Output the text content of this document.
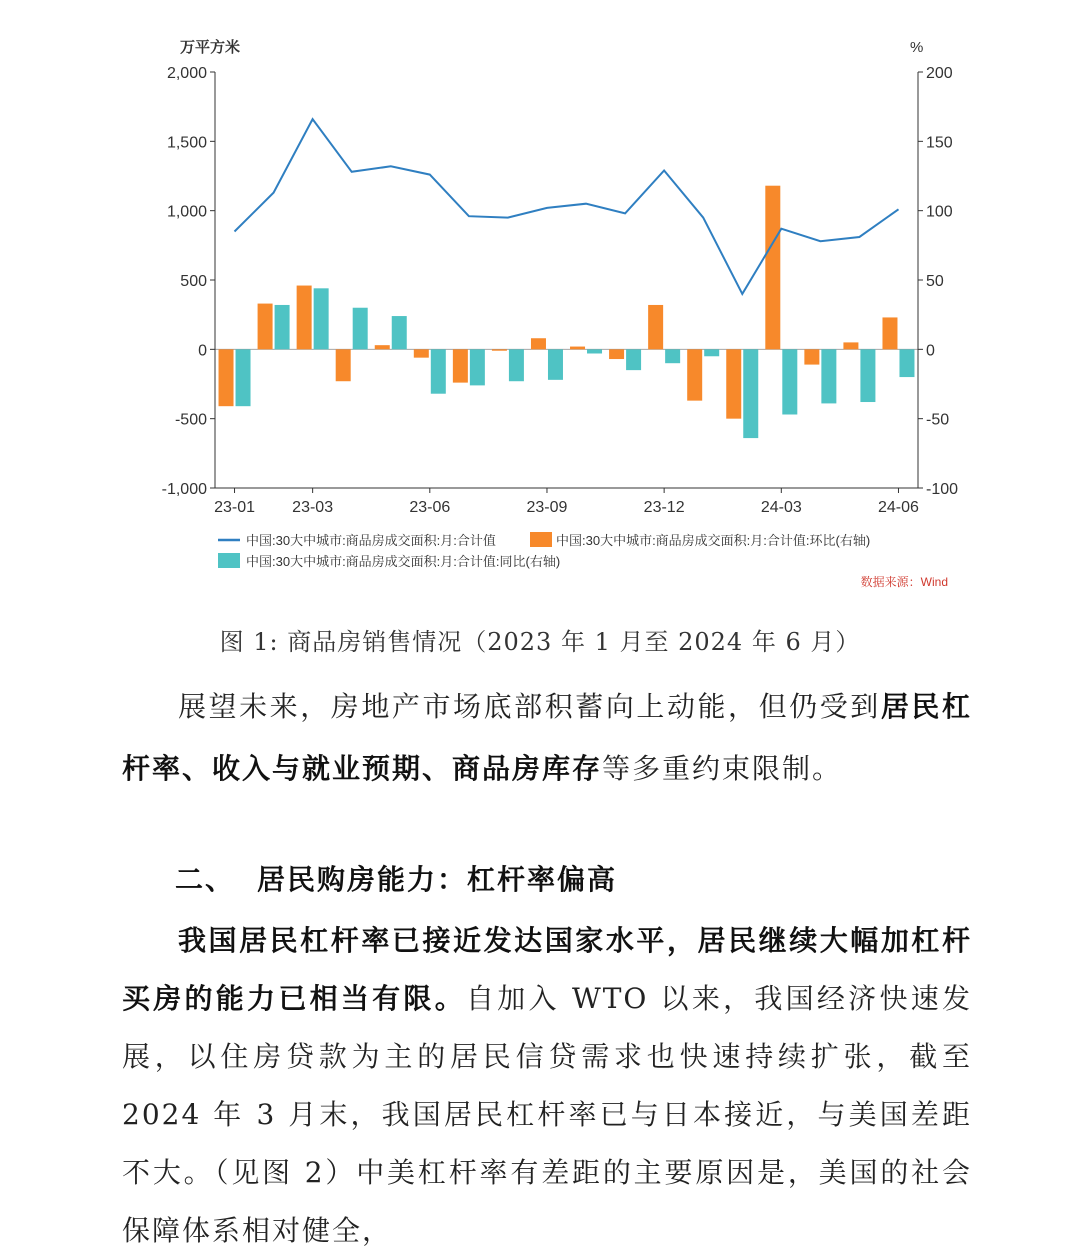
2,000
1,500
1,000
500
0
-500
-1,000
200
150
100
50
0
-50
-100
万平方米	%
23-01 23-03	23-06	23-09	23-12	24-03	24-06
中国:30大中城市:商品房成交面积:月:合计值	中国:30大中城市:商品房成交面积:月:合计值:环比(右轴)
中国:30大中城市:商品房成交面积:月:合计值:同比(右轴)
数据来源：Wind
图 1: 商品房销售情况（2023 年 1 月至 2024 年 6 月）
展望未来，房地产市场底部积蓄向上动能，但仍受到居民杠杆率、收入与就业预期、商品房库存等多重约束限制。
二、 居民购房能力：杠杆率偏高
我国居民杠杆率已接近发达国家水平，居民继续大幅加杠杆买房的能力已相当有限。自加入 WTO 以来，我国经济快速发展，以住房贷款为主的居民信贷需求也快速持续扩张，截至 2024 年 3 月末，我国居民杠杆率已与日本接近，与美国差距不大。（见图 2）中美杠杆率有差距的主要原因是，美国的社会保障体系相对健全，
